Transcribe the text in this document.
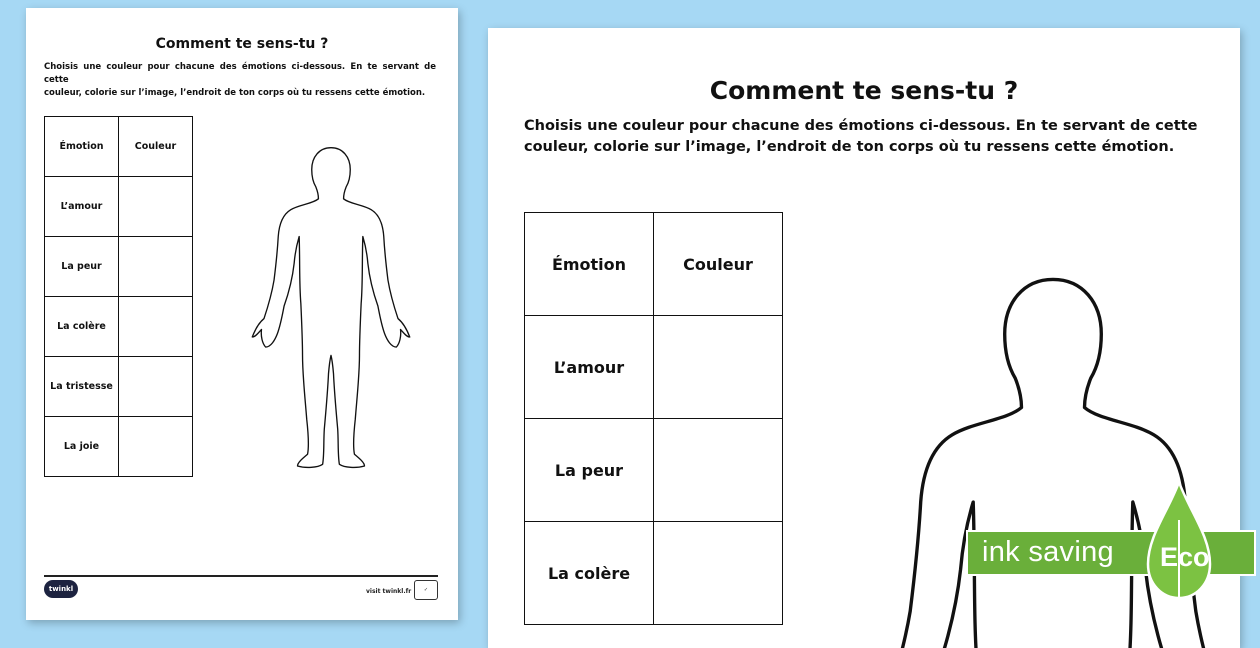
Comment te sens-tu ?
Choisis une couleur pour chacune des émotions ci-dessous. En te servant de cette
couleur, colorie sur l’image, l’endroit de ton corps où tu ressens cette émotion.
Émotion	Couleur
L’amour	
La peur	
La colère	
La tristesse	
La joie	
twinkl	visit twinkl.fr	✓
Comment te sens-tu ?
Choisis une couleur pour chacune des émotions ci-dessous. En te servant de cette
couleur, colorie sur l’image, l’endroit de ton corps où tu ressens cette émotion.
Émotion	Couleur
L’amour	
La peur	
La colère	
ink saving Eco
